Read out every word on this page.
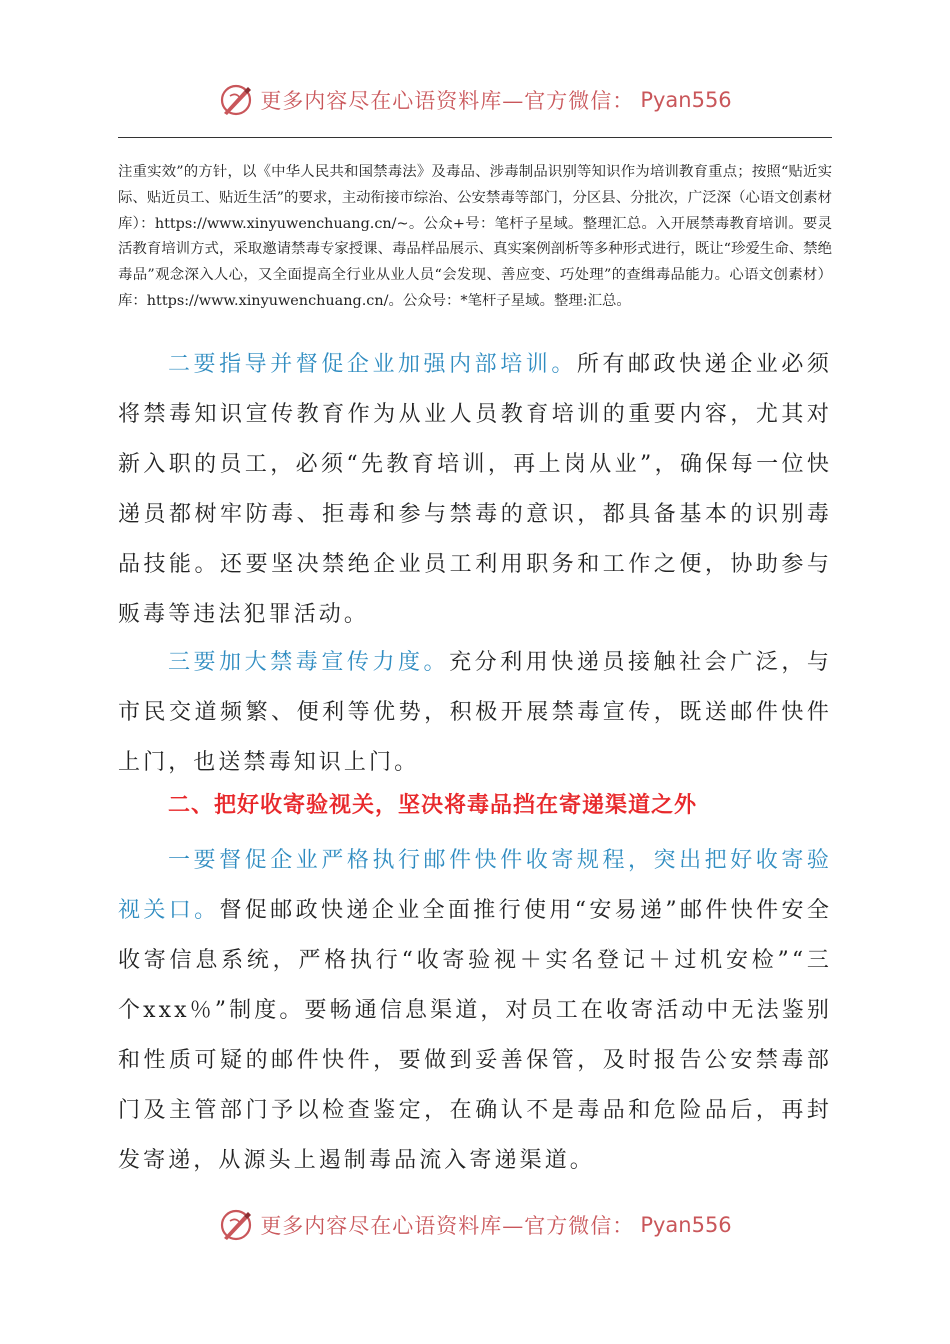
更多内容尽在心语资料库—官方微信： Pyan556
注重实效”的方针，以《中华人民共和国禁毒法》及毒品、涉毒制品识别等知识作为培训教育重点；按照“贴近实际、贴近员工、贴近生活”的要求，主动衔接市综治、公安禁毒等部门，分区县、分批次，广泛深（心语文创素材库）：https://www.xinyuwenchuang.cn/~。公众+号：笔杆子星域。整理汇总。入开展禁毒教育培训。要灵活教育培训方式，采取邀请禁毒专家授课、毒品样品展示、真实案例剖析等多种形式进行，既让“珍爱生命、禁绝毒品”观念深入人心，又全面提高全行业从业人员“会发现、善应变、巧处理”的查缉毒品能力。心语文创素材）库：https://www.xinyuwenchuang.cn/。公众号：*笔杆子星域。整理:汇总。
二要指导并督促企业加强内部培训。所有邮政快递企业必须将禁毒知识宣传教育作为从业人员教育培训的重要内容，尤其对新入职的员工，必须“先教育培训，再上岗从业”，确保每一位快递员都树牢防毒、拒毒和参与禁毒的意识，都具备基本的识别毒品技能。还要坚决禁绝企业员工利用职务和工作之便，协助参与贩毒等违法犯罪活动。
三要加大禁毒宣传力度。充分利用快递员接触社会广泛，与市民交道频繁、便利等优势，积极开展禁毒宣传，既送邮件快件上门，也送禁毒知识上门。
二、把好收寄验视关，坚决将毒品挡在寄递渠道之外
一要督促企业严格执行邮件快件收寄规程，突出把好收寄验视关口。督促邮政快递企业全面推行使用“安易递”邮件快件安全收寄信息系统，严格执行“收寄验视＋实名登记＋过机安检”“三个xxx％”制度。要畅通信息渠道，对员工在收寄活动中无法鉴别和性质可疑的邮件快件，要做到妥善保管，及时报告公安禁毒部门及主管部门予以检查鉴定，在确认不是毒品和危险品后，再封发寄递，从源头上遏制毒品流入寄递渠道。
更多内容尽在心语资料库—官方微信： Pyan556
